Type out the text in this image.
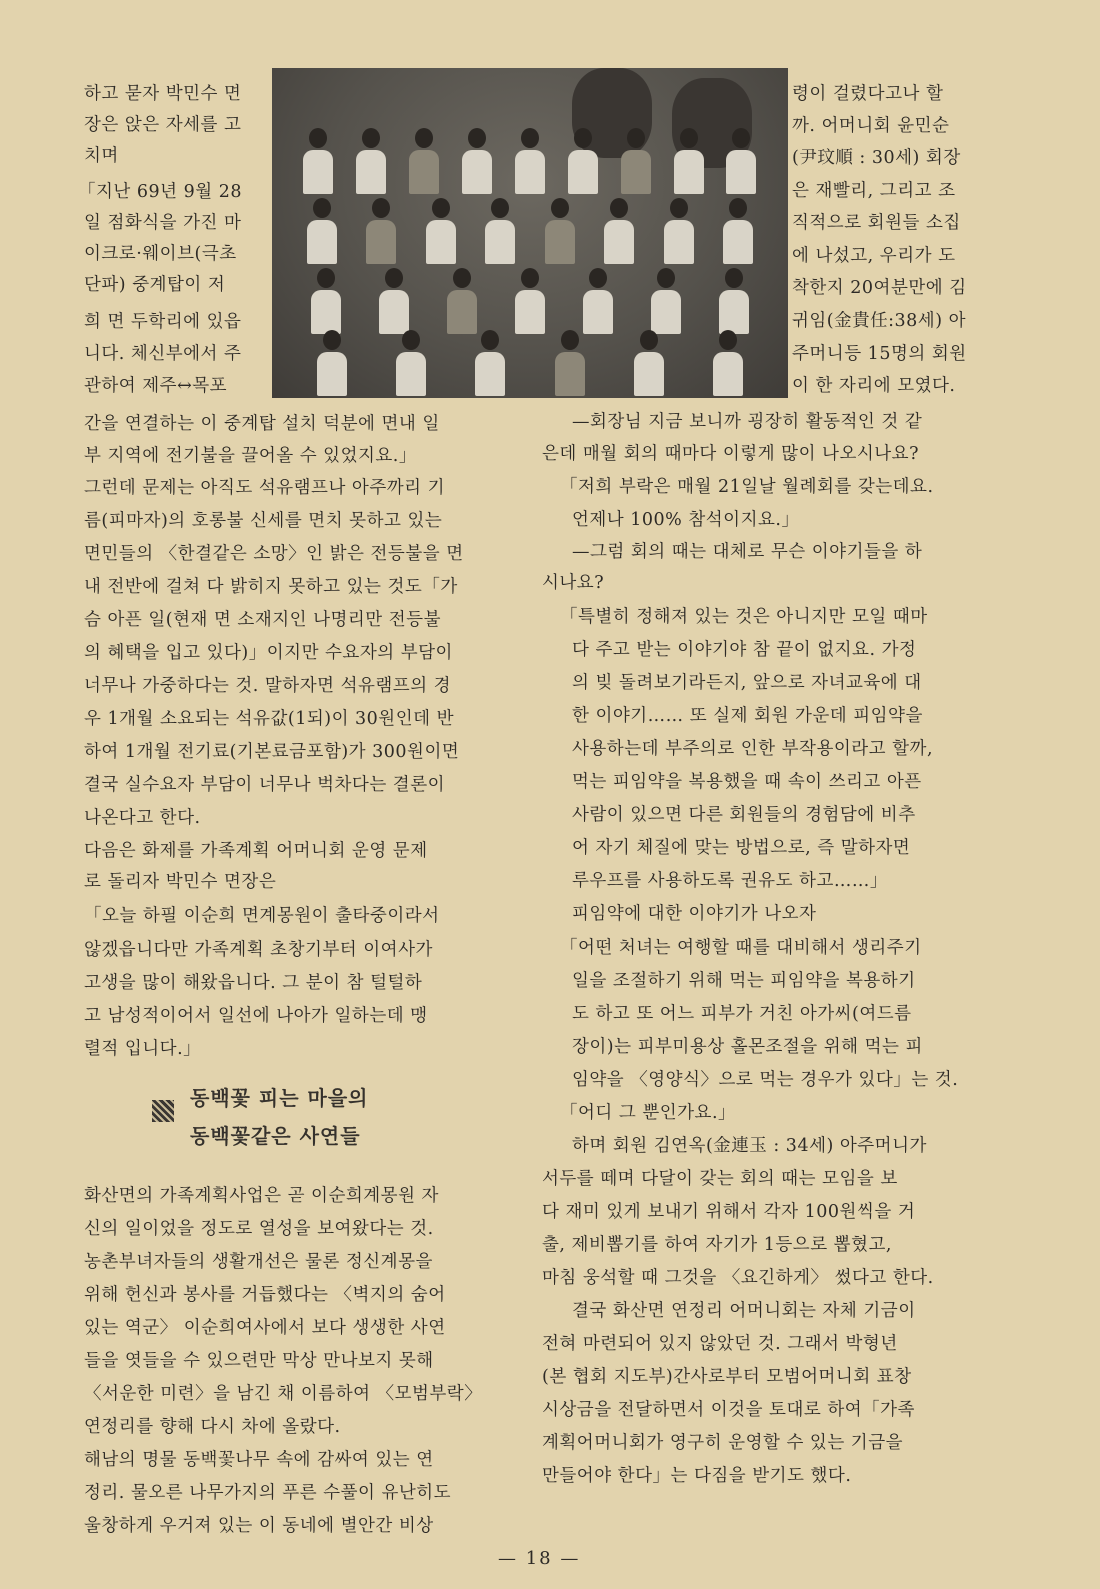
하고 묻자 박민수 면
장은 앉은 자세를 고
치며
「지난 69년 9월 28
일 점화식을 가진 마
이크로·웨이브(극초
단파) 중계탑이 저
희 면 두학리에 있읍
니다. 체신부에서 주
관하여 제주↔목포
간을 연결하는 이 중계탑 설치 덕분에 면내 일
부 지역에 전기불을 끌어올 수 있었지요.」
그런데 문제는 아직도 석유램프나 아주까리 기
름(피마자)의 호롱불 신세를 면치 못하고 있는
면민들의 〈한결같은 소망〉인 밝은 전등불을 면
내 전반에 걸쳐 다 밝히지 못하고 있는 것도「가
슴 아픈 일(현재 면 소재지인 나명리만 전등불
의 혜택을 입고 있다)」이지만 수요자의 부담이
너무나 가중하다는 것. 말하자면 석유램프의 경
우 1개월 소요되는 석유값(1되)이 30원인데 반
하여 1개월 전기료(기본료금포함)가 300원이면
결국 실수요자 부담이 너무나 벅차다는 결론이
나온다고 한다.
다음은 화제를 가족계획 어머니회 운영 문제
로 돌리자 박민수 면장은
「오늘 하필 이순희 면계몽원이 출타중이라서
않겠읍니다만 가족계획 초창기부터 이여사가
고생을 많이 해왔읍니다. 그 분이 참 털털하
고 남성적이어서 일선에 나아가 일하는데 맹
렬적 입니다.」
동백꽃 피는 마을의
동백꽃같은 사연들
화산면의 가족계획사업은 곧 이순희계몽원 자
신의 일이었을 정도로 열성을 보여왔다는 것.
농촌부녀자들의 생활개선은 물론 정신계몽을
위해 헌신과 봉사를 거듭했다는 〈벽지의 숨어
있는 역군〉 이순희여사에서 보다 생생한 사연
들을 엿들을 수 있으련만 막상 만나보지 못해
〈서운한 미련〉을 남긴 채 이름하여 〈모범부락〉
연정리를 향해 다시 차에 올랐다.
해남의 명물 동백꽃나무 속에 감싸여 있는 연
정리. 물오른 나무가지의 푸른 수풀이 유난히도
울창하게 우거져 있는 이 동네에 별안간 비상
령이 걸렸다고나 할
까. 어머니회 윤민순
(尹玟順 : 30세) 회장
은 재빨리, 그리고 조
직적으로 회원들 소집
에 나섰고, 우리가 도
착한지 20여분만에 김
귀임(金貴任:38세) 아
주머니등 15명의 회원
이 한 자리에 모였다.
—회장님 지금 보니까 굉장히 활동적인 것 같
은데 매월 회의 때마다 이렇게 많이 나오시나요?
「저희 부락은 매월 21일날 월례회를 갖는데요.
언제나 100% 참석이지요.」
—그럼 회의 때는 대체로 무슨 이야기들을 하
시나요?
「특별히 정해져 있는 것은 아니지만 모일 때마
다 주고 받는 이야기야 참 끝이 없지요. 가정
의 빚 돌려보기라든지, 앞으로 자녀교육에 대
한 이야기…… 또 실제 회원 가운데 피임약을
사용하는데 부주의로 인한 부작용이라고 할까,
먹는 피임약을 복용했을 때 속이 쓰리고 아픈
사람이 있으면 다른 회원들의 경험담에 비추
어 자기 체질에 맞는 방법으로, 즉 말하자면
루우프를 사용하도록 권유도 하고……」
피임약에 대한 이야기가 나오자
「어떤 처녀는 여행할 때를 대비해서 생리주기
일을 조절하기 위해 먹는 피임약을 복용하기
도 하고 또 어느 피부가 거친 아가씨(여드름
장이)는 피부미용상 홀몬조절을 위해 먹는 피
임약을 〈영양식〉으로 먹는 경우가 있다」는 것.
「어디 그 뿐인가요.」
하며 회원 김연옥(金連玉 : 34세) 아주머니가
서두를 떼며 다달이 갖는 회의 때는 모임을 보
다 재미 있게 보내기 위해서 각자 100원씩을 거
출, 제비뽑기를 하여 자기가 1등으로 뽑혔고,
마침 웅석할 때 그것을 〈요긴하게〉 썼다고 한다.
결국 화산면 연정리 어머니회는 자체 기금이
전혀 마련되어 있지 않았던 것. 그래서 박형년
(본 협회 지도부)간사로부터 모범어머니회 표창
시상금을 전달하면서 이것을 토대로 하여「가족
계획어머니회가 영구히 운영할 수 있는 기금을
만들어야 한다」는 다짐을 받기도 했다.
— 18 —
